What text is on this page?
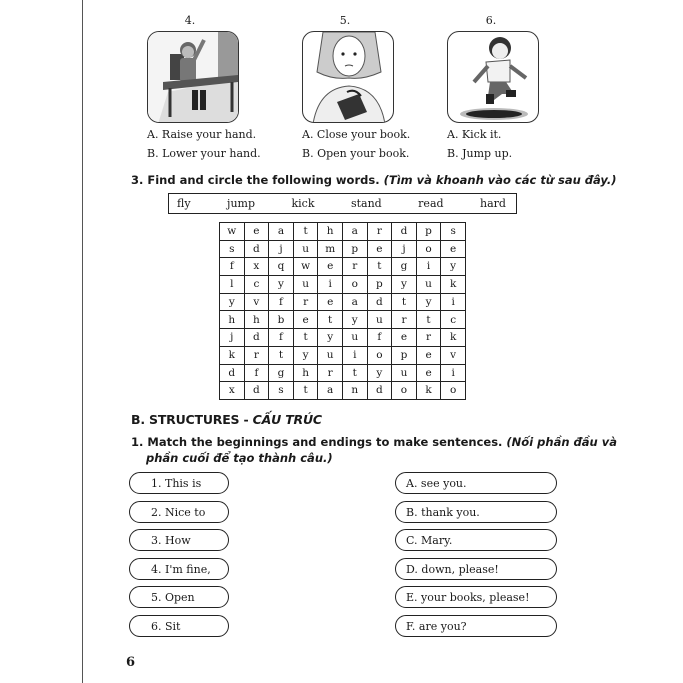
4.
A. Raise your hand.
B. Lower your hand.
5.
A. Close your book.
B. Open your book.
6.
A. Kick it.
B. Jump up.
3. Find and circle the following words. (Tìm và khoanh vào các từ sau đây.)
fly	jump	kick	stand	read	hard
w	e	a	t	h	a	r	d	p	s
s	d	j	u	m	p	e	j	o	e
f	x	q	w	e	r	t	g	i	y
l	c	y	u	i	o	p	y	u	k
y	v	f	r	e	a	d	t	y	i
h	h	b	e	t	y	u	r	t	c
j	d	f	t	y	u	f	e	r	k
k	r	t	y	u	i	o	p	e	v
d	f	g	h	r	t	y	u	e	i
x	d	s	t	a	n	d	o	k	o
B. STRUCTURES - CẤU TRÚC
1. Match the beginnings and endings to make sentences. (Nối phần đầu và
phần cuối để tạo thành câu.)
1. This is
2. Nice to
3. How
4. I'm fine,
5. Open
6. Sit
A. see you.
B. thank you.
C. Mary.
D. down, please!
E. your books, please!
F. are you?
6
